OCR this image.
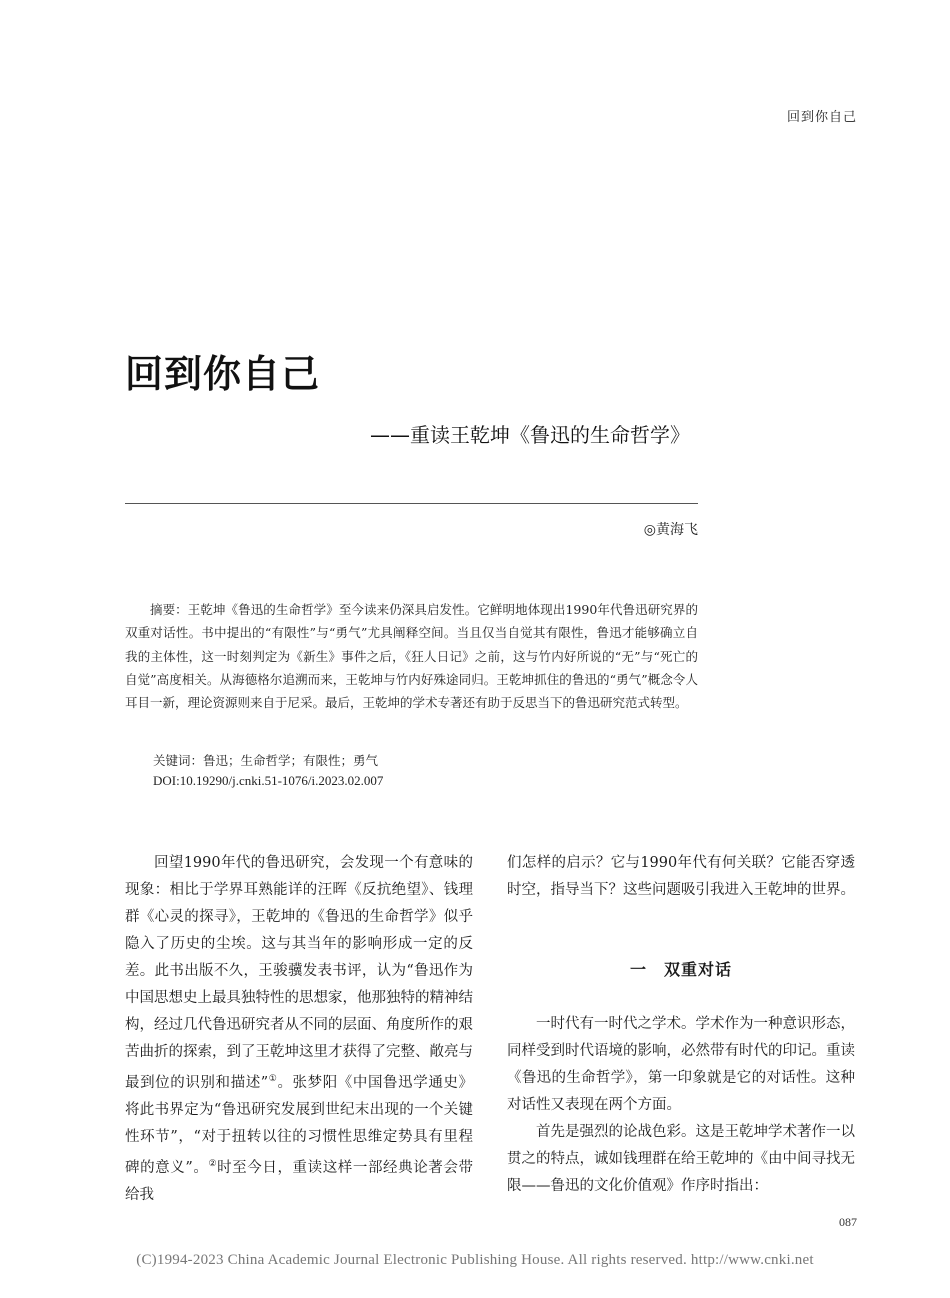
回到你自己
回到你自己
——重读王乾坤《鲁迅的生命哲学》
◎黄海飞

摘要：王乾坤《鲁迅的生命哲学》至今读来仍深具启发性。它鲜明地体现出1990年代鲁迅研究界的双重对话性。书中提出的“有限性”与“勇气”尤具阐释空间。当且仅当自觉其有限性，鲁迅才能够确立自我的主体性，这一时刻判定为《新生》事件之后，《狂人日记》之前，这与竹内好所说的“无”与“死亡的自觉”高度相关。从海德格尔追溯而来，王乾坤与竹内好殊途同归。王乾坤抓住的鲁迅的“勇气”概念令人耳目一新，理论资源则来自于尼采。最后，王乾坤的学术专著还有助于反思当下的鲁迅研究范式转型。

关键词：鲁迅；生命哲学；有限性；勇气
DOI:10.19290/j.cnki.51-1076/i.2023.02.007

回望1990年代的鲁迅研究，会发现一个有意味的现象：相比于学界耳熟能详的汪晖《反抗绝望》、钱理群《心灵的探寻》，王乾坤的《鲁迅的生命哲学》似乎隐入了历史的尘埃。这与其当年的影响形成一定的反差。此书出版不久，王骏骥发表书评，认为“鲁迅作为中国思想史上最具独特性的思想家，他那独特的精神结构，经过几代鲁迅研究者从不同的层面、角度所作的艰苦曲折的探索，到了王乾坤这里才获得了完整、敞亮与最到位的识别和描述”①。张梦阳《中国鲁迅学通史》将此书界定为“鲁迅研究发展到世纪末出现的一个关键性环节”，“对于扭转以往的习惯性思维定势具有里程碑的意义”。②时至今日，重读这样一部经典论著会带给我

们怎样的启示？它与1990年代有何关联？它能否穿透时空，指导当下？这些问题吸引我进入王乾坤的世界。

一　双重对话

一时代有一时代之学术。学术作为一种意识形态，同样受到时代语境的影响，必然带有时代的印记。重读《鲁迅的生命哲学》，第一印象就是它的对话性。这种对话性又表现在两个方面。

首先是强烈的论战色彩。这是王乾坤学术著作一以贯之的特点，诚如钱理群在给王乾坤的《由中间寻找无限——鲁迅的文化价值观》作序时指出：

087
(C)1994-2023 China Academic Journal Electronic Publishing House. All rights reserved. http://www.cnki.net
